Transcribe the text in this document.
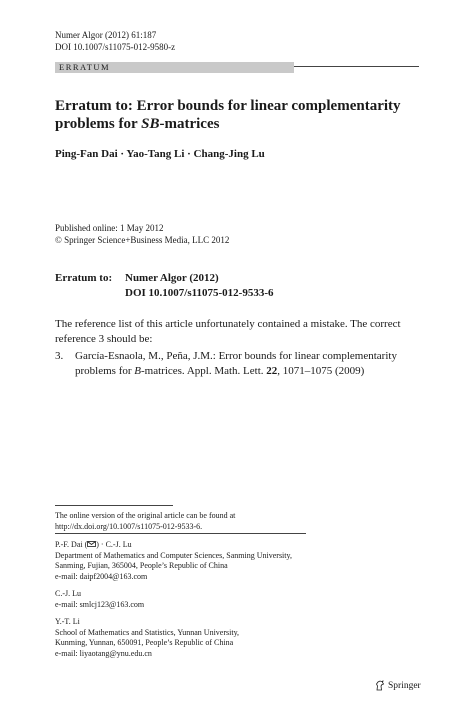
Numer Algor (2012) 61:187
DOI 10.1007/s11075-012-9580-z
ERRATUM
Erratum to: Error bounds for linear complementarity problems for SB-matrices
Ping-Fan Dai · Yao-Tang Li · Chang-Jing Lu
Published online: 1 May 2012
© Springer Science+Business Media, LLC 2012
Erratum to: Numer Algor (2012)
DOI 10.1007/s11075-012-9533-6
The reference list of this article unfortunately contained a mistake. The correct reference 3 should be:
3. García-Esnaola, M., Peña, J.M.: Error bounds for linear complementarity problems for B-matrices. Appl. Math. Lett. 22, 1071–1075 (2009)
The online version of the original article can be found at
http://dx.doi.org/10.1007/s11075-012-9533-6.
P.-F. Dai ( ) · C.-J. Lu
Department of Mathematics and Computer Sciences, Sanming University,
Sanming, Fujian, 365004, People’s Republic of China
e-mail: daipf2004@163.com
C.-J. Lu
e-mail: smlcj123@163.com
Y.-T. Li
School of Mathematics and Statistics, Yunnan University,
Kunming, Yunnan, 650091, People’s Republic of China
e-mail: liyaotang@ynu.edu.cn
Springer
